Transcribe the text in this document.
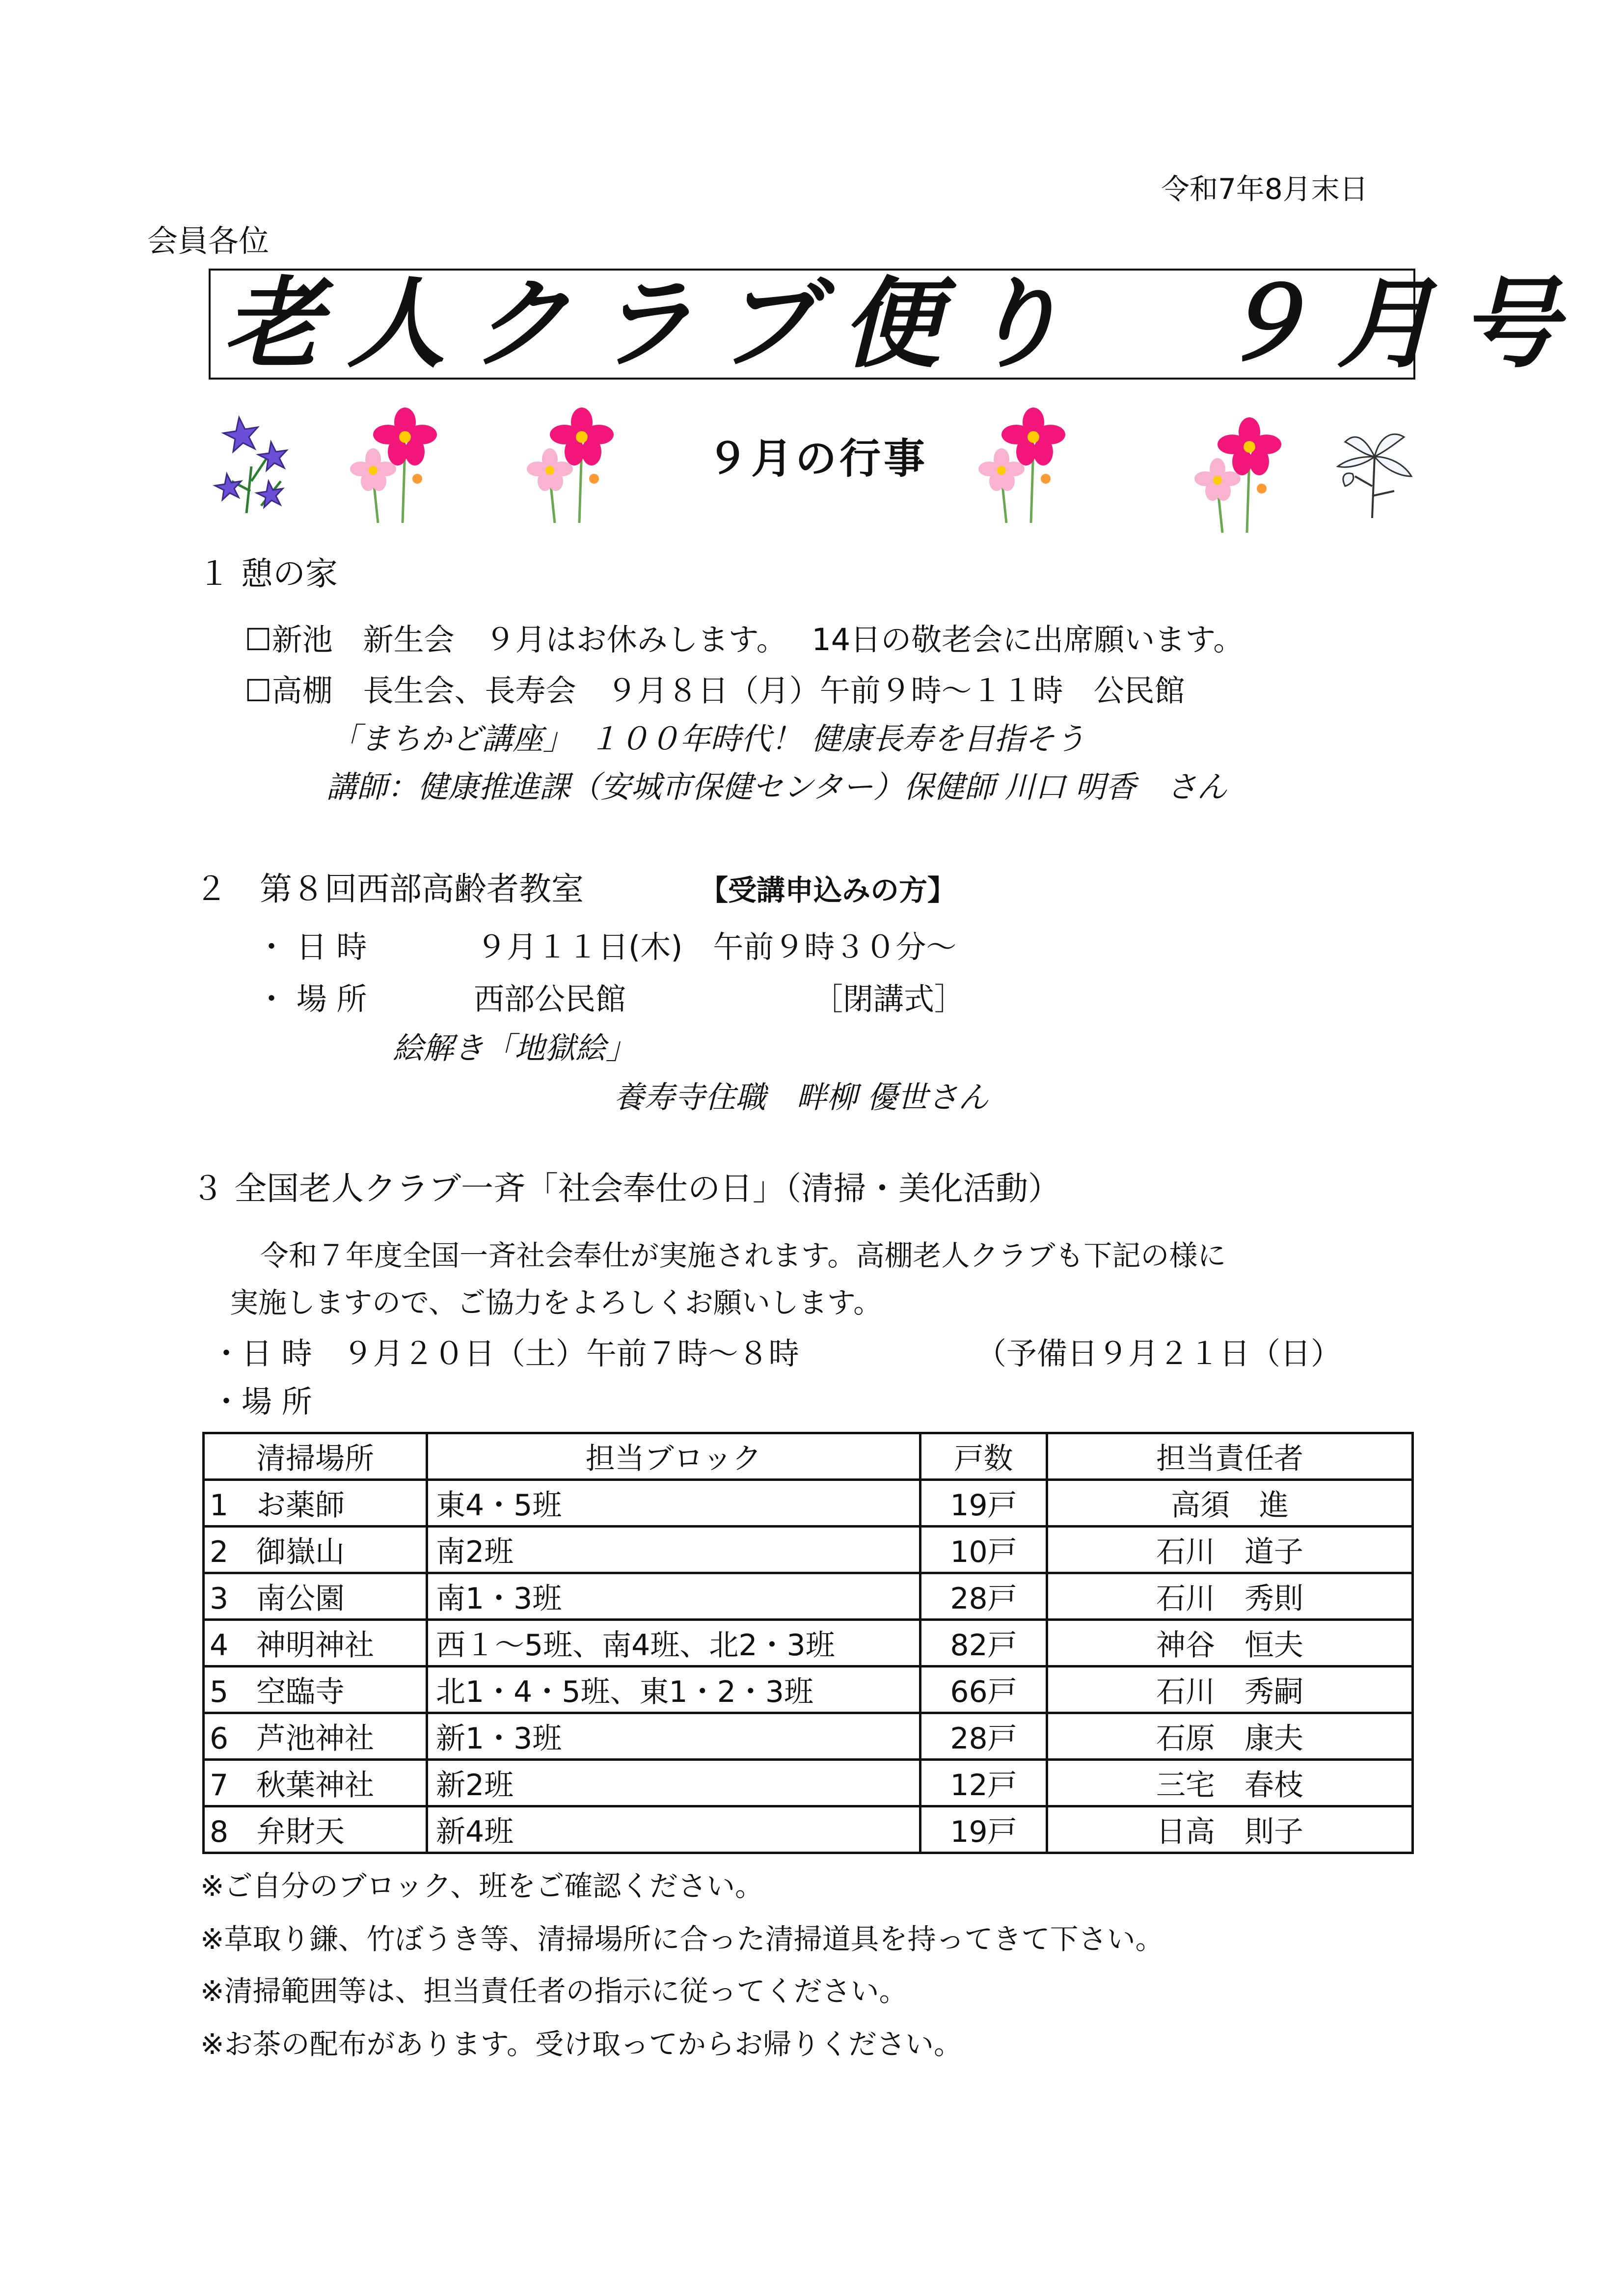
令和7年8月末日
会員各位
老人クラブ便り　９月号
９月の行事
１ 憩の家
☐新池　新生会　９月はお休みします。　 14日の敬老会に出席願います。
☐高棚　長生会、長寿会　９月８日（月）午前９時～１１時　公民館
「まちかど講座」　１００年時代！ 健康長寿を目指そう
講師：健康推進課（安城市保健センター）保健師 川口 明香　さん
２　第８回西部高齢者教室	【受講申込みの方】
・ 日 時	９月１１日(木)　午前９時３０分～
・ 場 所	西部公民館	［閉講式］
絵解き「地獄絵」
養寿寺住職　畔柳 優世さん
３ 全国老人クラブ一斉「社会奉仕の日」（清掃・美化活動）
令和７年度全国一斉社会奉仕が実施されます。高棚老人クラブも下記の様に
実施しますので、ご協力をよろしくお願いします。
・日 時　９月２０日（土）午前７時～８時	（予備日９月２１日（日）
・場 所
清掃場所	担当ブロック	戸数	担当責任者
1 お薬師	東4・5班	19戸	高須　進
2 御嶽山	南2班	10戸	石川　道子
3 南公園	南1・3班	28戸	石川　秀則
4 神明神社	西１～5班、南4班、北2・3班	82戸	神谷　恒夫
5 空臨寺	北1・4・5班、東1・2・3班	66戸	石川　秀嗣
6 芦池神社	新1・3班	28戸	石原　康夫
7 秋葉神社	新2班	12戸	三宅　春枝
8 弁財天	新4班	19戸	日高　則子
※ご自分のブロック、班をご確認ください。
※草取り鎌、竹ぼうき等、清掃場所に合った清掃道具を持ってきて下さい。
※清掃範囲等は、担当責任者の指示に従ってください。
※お茶の配布があります。受け取ってからお帰りください。
